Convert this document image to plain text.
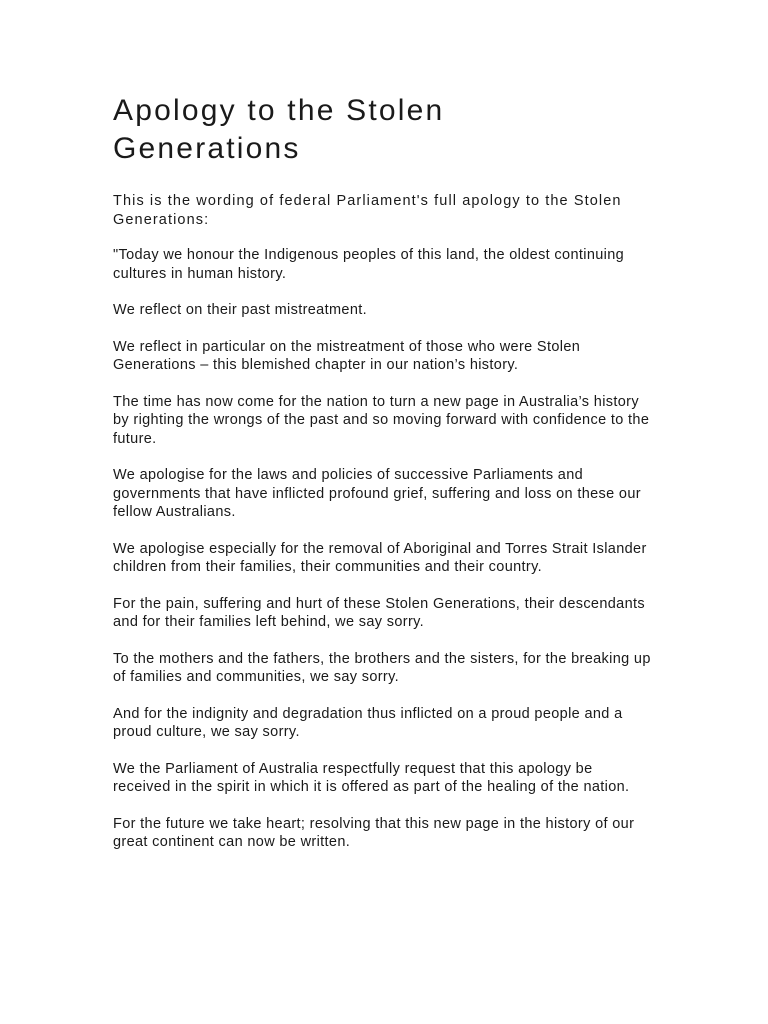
Apology to the Stolen
Generations

This is the wording of federal Parliament's full apology to the Stolen Generations:

"Today we honour the Indigenous peoples of this land, the oldest continuing cultures in human history.

We reflect on their past mistreatment.

We reflect in particular on the mistreatment of those who were Stolen Generations – this blemished chapter in our nation’s history.

The time has now come for the nation to turn a new page in Australia’s history by righting the wrongs of the past and so moving forward with confidence to the future.

We apologise for the laws and policies of successive Parliaments and governments that have inflicted profound grief, suffering and loss on these our fellow Australians.

We apologise especially for the removal of Aboriginal and Torres Strait Islander children from their families, their communities and their country.

For the pain, suffering and hurt of these Stolen Generations, their descendants and for their families left behind, we say sorry.

To the mothers and the fathers, the brothers and the sisters, for the breaking up of families and communities, we say sorry.

And for the indignity and degradation thus inflicted on a proud people and a proud culture, we say sorry.

We the Parliament of Australia respectfully request that this apology be received in the spirit in which it is offered as part of the healing of the nation.

For the future we take heart; resolving that this new page in the history of our great continent can now be written.
